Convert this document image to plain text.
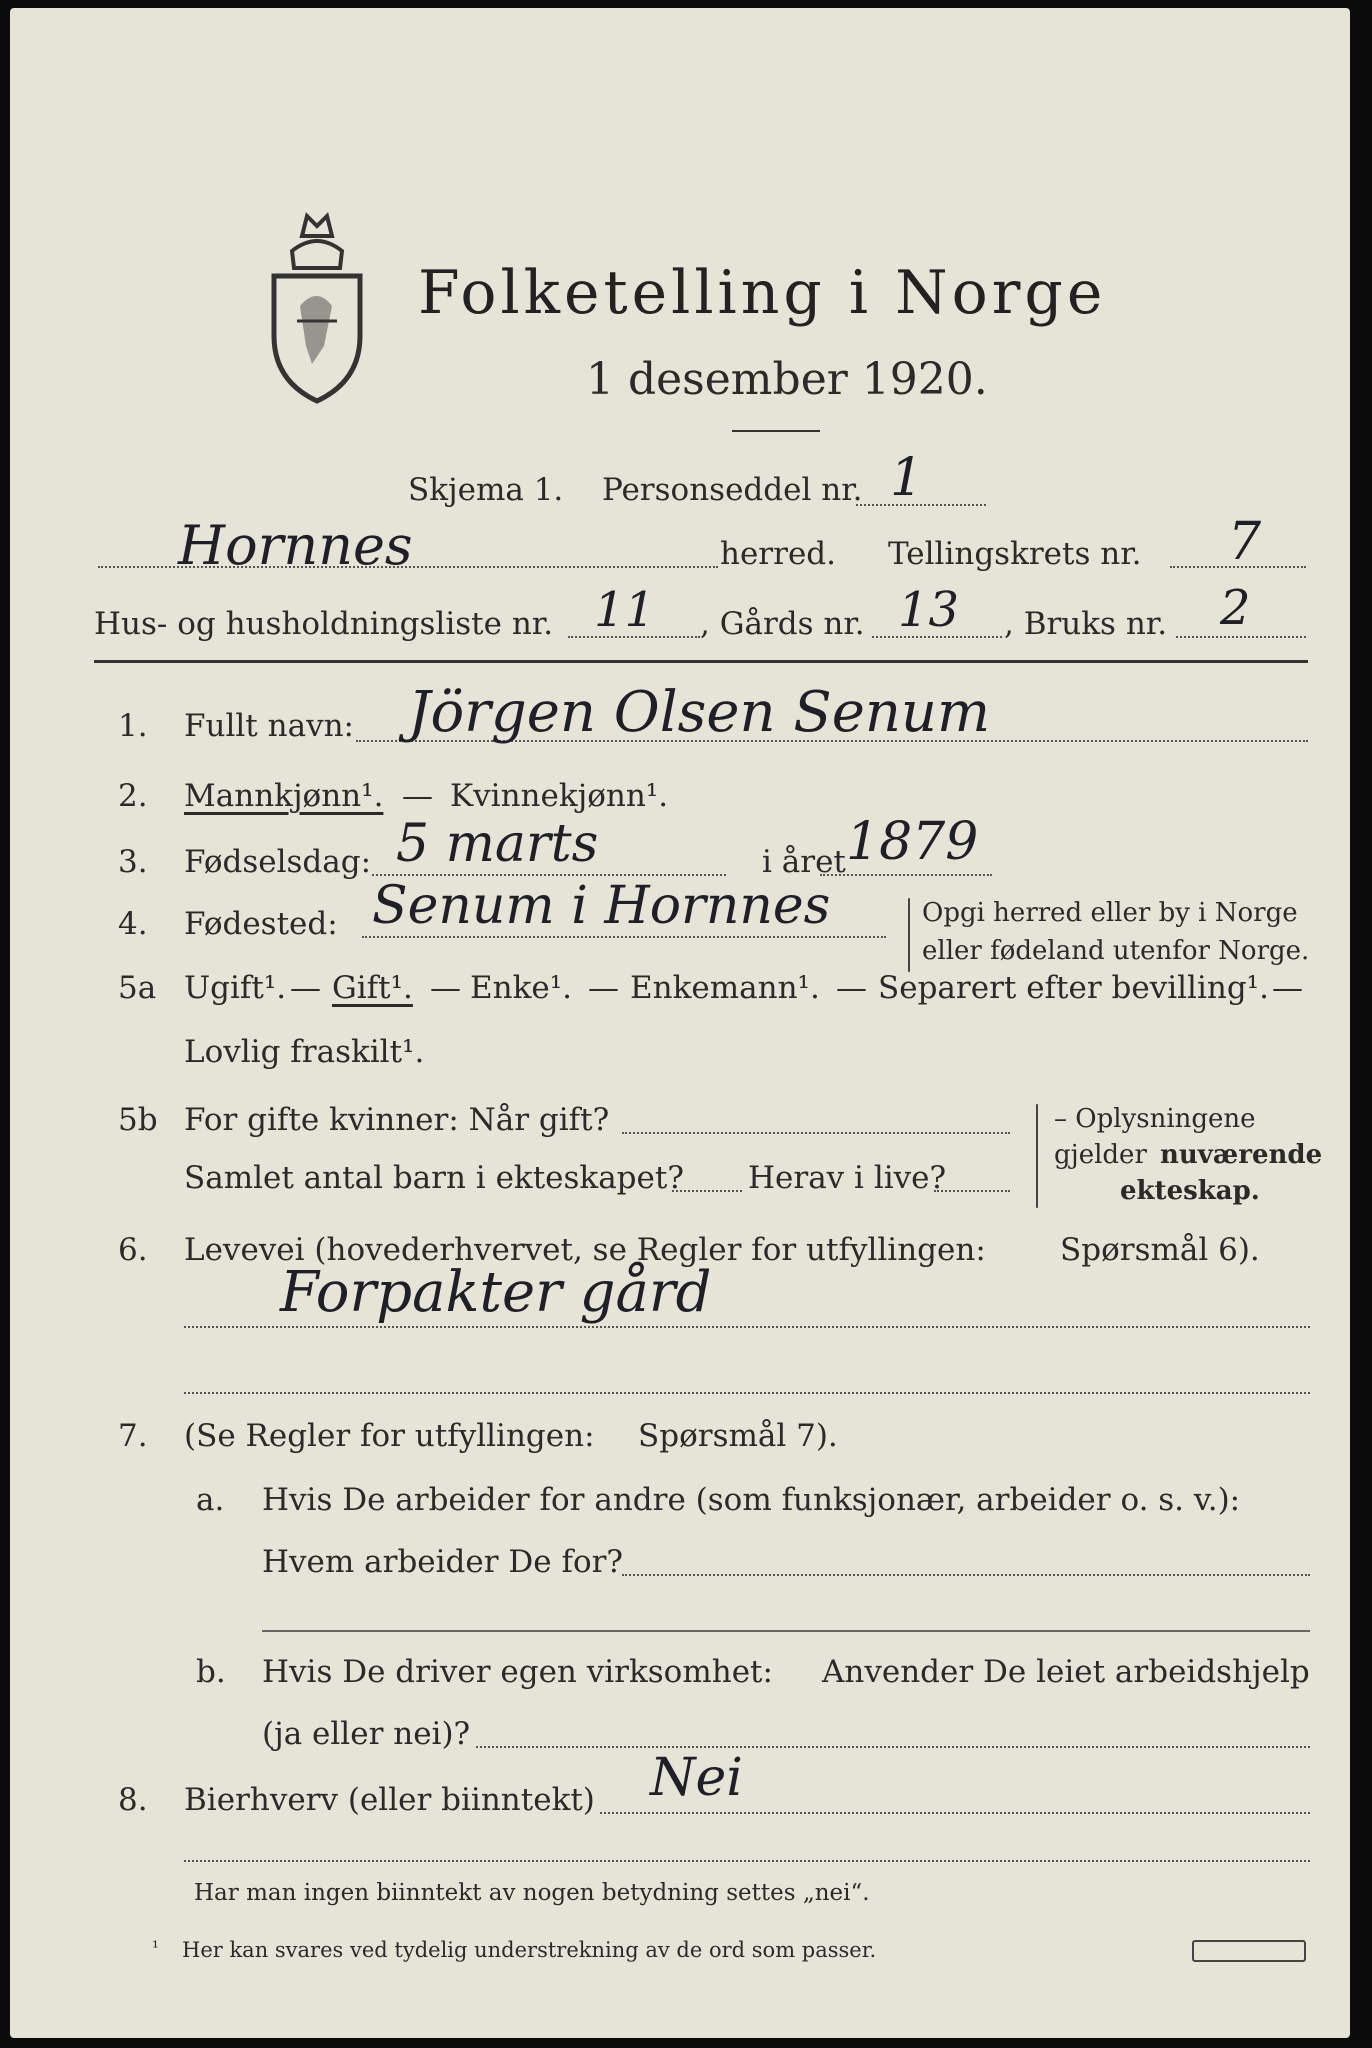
Folketelling i Norge
1 desember 1920.
Skjema 1. Personseddel nr. 1
Hornnes	herred. Tellingskrets nr. 7
Hus- og husholdningsliste nr. 11 , Gårds nr. 13 , Bruks nr. 2
1. Fullt navn: Jörgen Olsen Senum
2. Mannkjønn¹. — Kvinnekjønn¹.
3. Fødselsdag: 5 marts	i året 1879
4. Fødested: Senum i Hornnes	Opgi herred eller by i Norge
eller fødeland utenfor Norge.
5a Ugift¹. — Gift¹. — Enke¹. — Enkemann¹. — Separert efter bevilling¹. —
Lovlig fraskilt¹.
5b For gifte kvinner: Når gift?
Samlet antal barn i ekteskapet? Herav i live?
– Oplysningene
gjelder nuværende
ekteskap.
6. Levevei (hovederhvervet, se Regler for utfyllingen: Spørsmål 6).
Forpakter gård
7. (Se Regler for utfyllingen: Spørsmål 7).
a. Hvis De arbeider for andre (som funksjonær, arbeider o. s. v.):
Hvem arbeider De for?
b. Hvis De driver egen virksomhet: Anvender De leiet arbeidshjelp
(ja eller nei)?
8. Bierhverv (eller biinntekt) Nei
Har man ingen biinntekt av nogen betydning settes „nei“.
¹ Her kan svares ved tydelig understrekning av de ord som passer.
